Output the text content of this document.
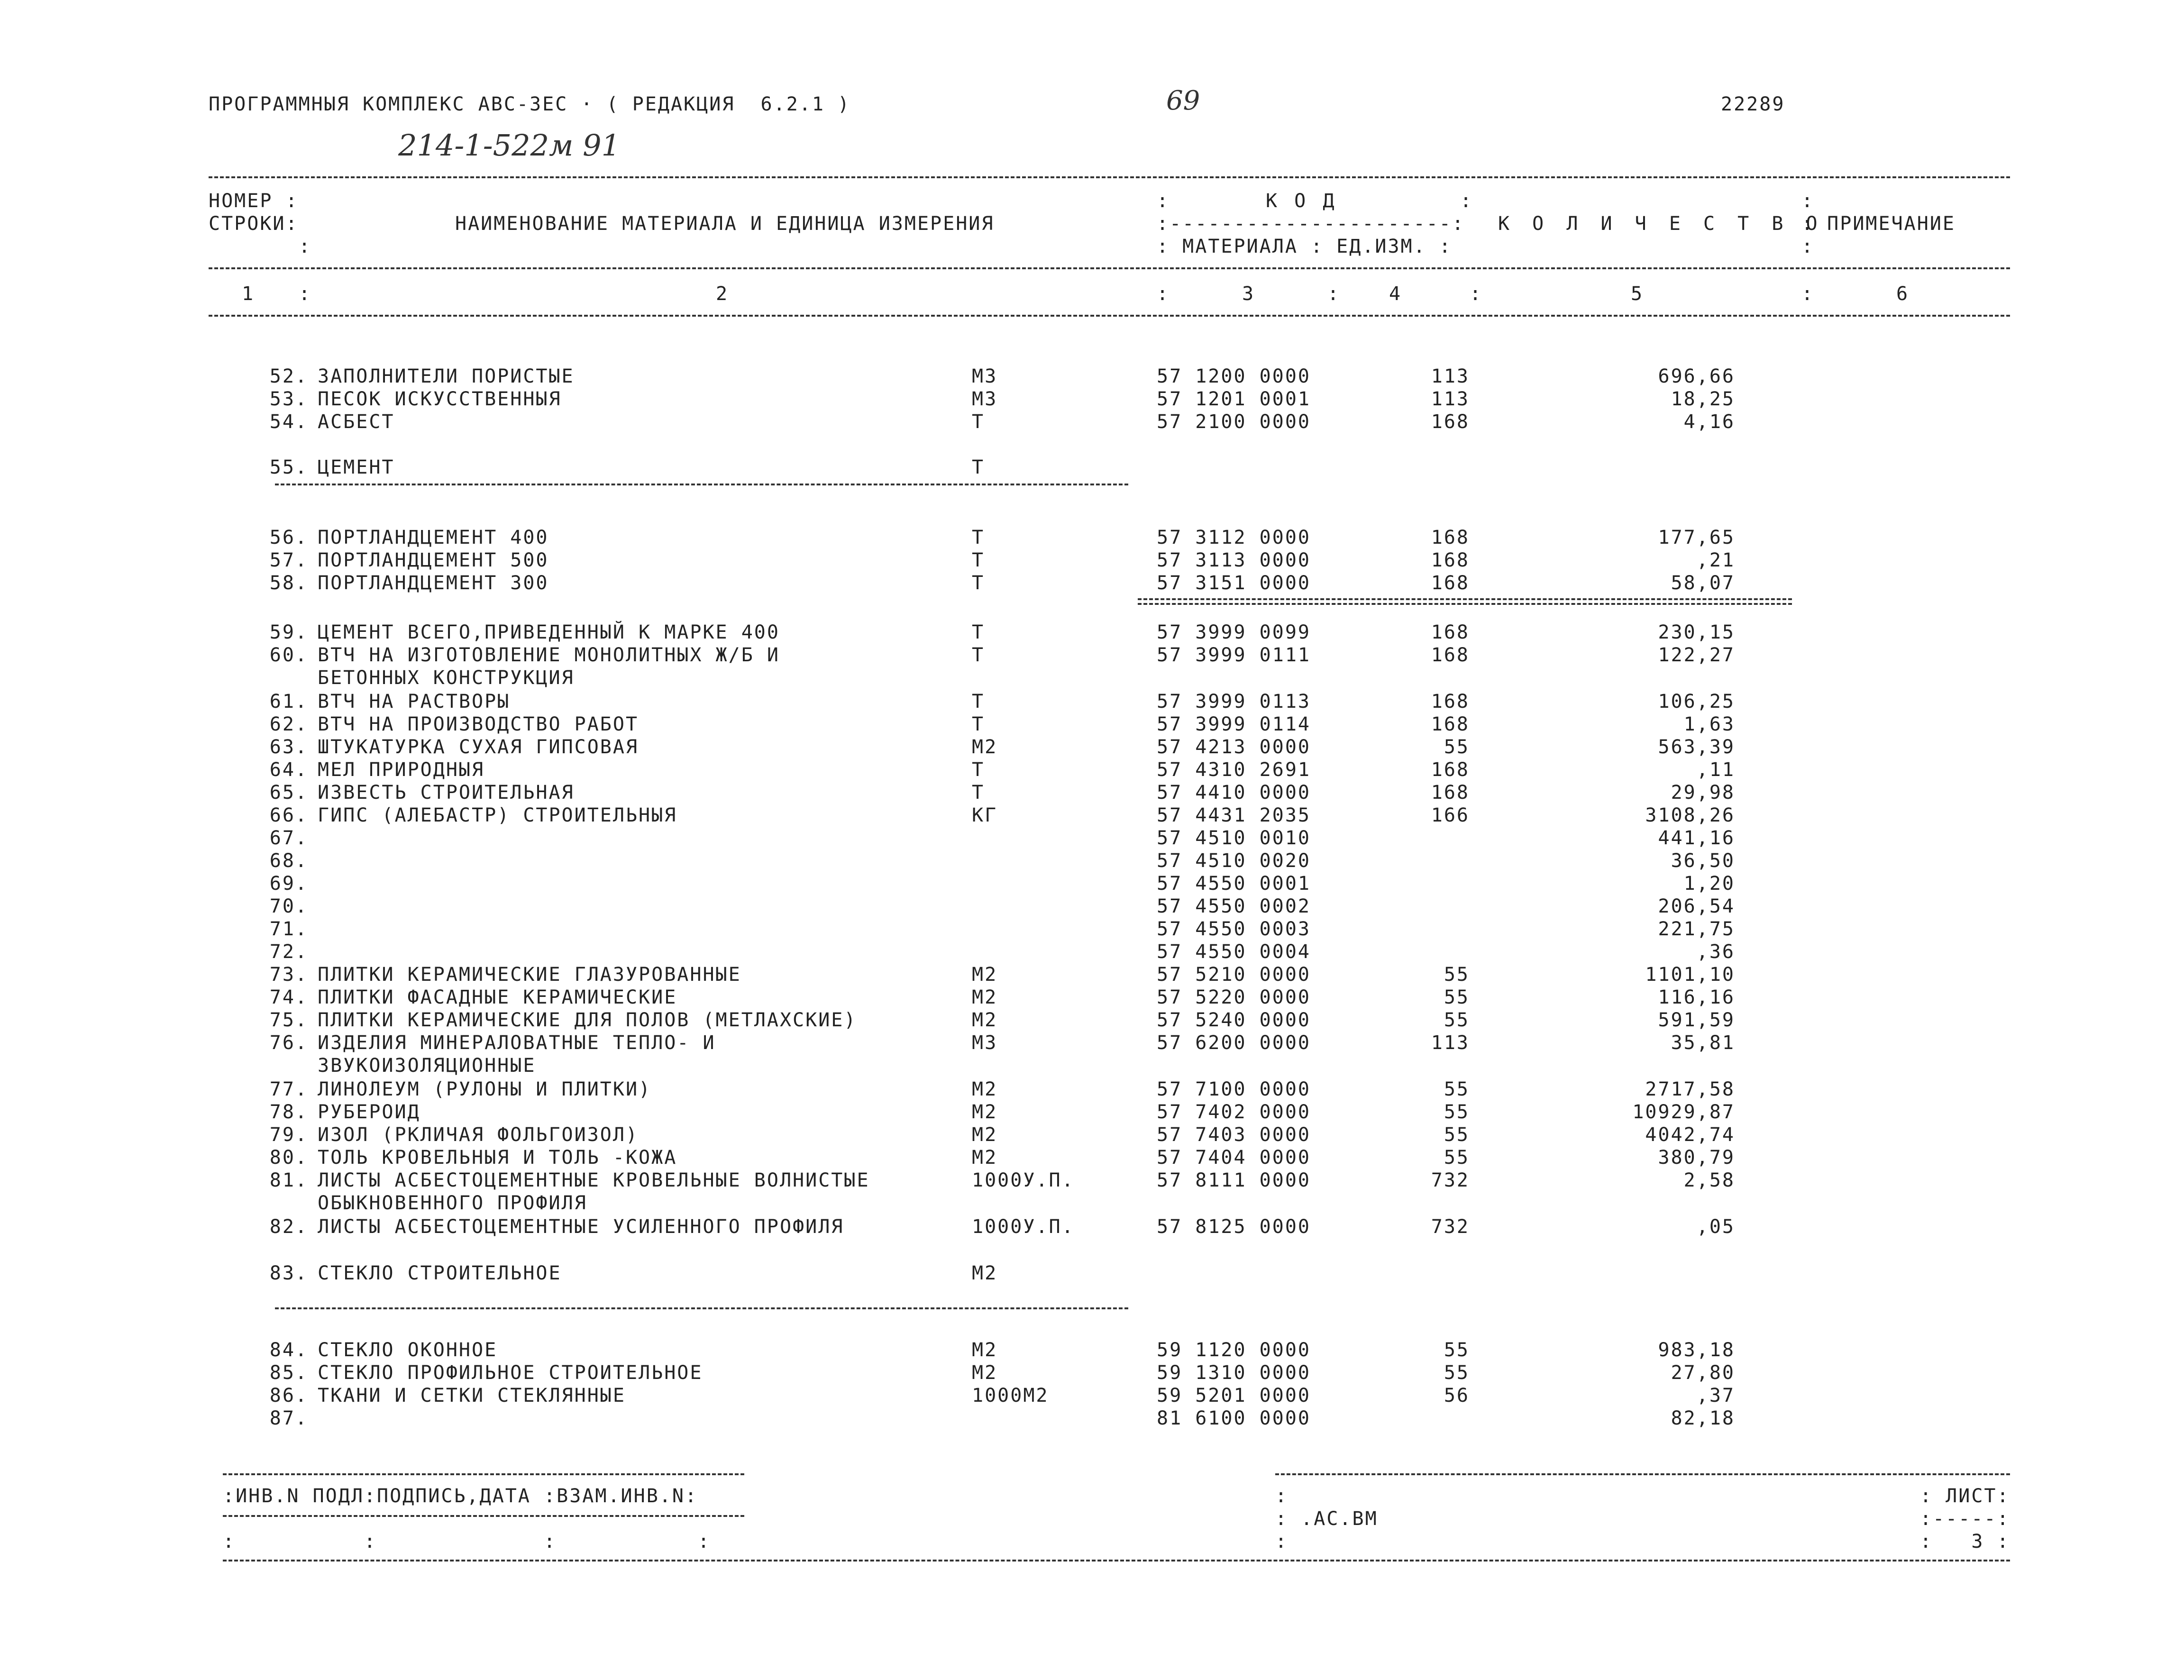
ПРОГРАММНЫЯ КОМПЛЕКС АВС-3ЕС · ( РЕДАКЦИЯ  6.2.1 )	69	22289
214-1-522м 91
НОМЕР :
СТРОКИ:
:
НАИМЕНОВАНИЕ МАТЕРИАЛА И ЕДИНИЦА ИЗМЕРЕНИЯ
:	К О Д	:
:----------------------:
: МАТЕРИАЛА : ЕД.ИЗМ. :
К О Л И Ч Е С Т В О
:
: ПРИМЕЧАНИЕ
:
1 :	2	:	3	:	4	:	5	:	6
52. ЗАПОЛНИТЕЛИ ПОРИСТЫЕ	М3	57 1200 0000	113	696,66
53. ПЕСОК ИСКУССТВЕННЫЯ	М3	57 1201 0001	113	18,25
54. АСБЕСТ	Т	57 2100 0000	168	4,16
55. ЦЕМЕНТ	Т
56. ПОРТЛАНДЦЕМЕНТ 400	Т	57 3112 0000	168	177,65
57. ПОРТЛАНДЦЕМЕНТ 500	Т	57 3113 0000	168	,21
58. ПОРТЛАНДЦЕМЕНТ 300	Т	57 3151 0000	168	58,07
59. ЦЕМЕНТ ВСЕГО,ПРИВЕДЕННЫЙ К МАРКЕ 400	Т	57 3999 0099	168	230,15
60. ВТЧ НА ИЗГОТОВЛЕНИЕ МОНОЛИТНЫХ Ж/Б И	Т	57 3999 0111	168	122,27
БЕТОННЫХ КОНСТРУКЦИЯ
61. ВТЧ НА РАСТВОРЫ	Т	57 3999 0113	168	106,25
62. ВТЧ НА ПРОИЗВОДСТВО РАБОТ	Т	57 3999 0114	168	1,63
63. ШТУКАТУРКА СУХАЯ ГИПСОВАЯ	М2	57 4213 0000	55	563,39
64. МЕЛ ПРИРОДНЫЯ	Т	57 4310 2691	168	,11
65. ИЗВЕСТЬ СТРОИТЕЛЬНАЯ	Т	57 4410 0000	168	29,98
66. ГИПС (АЛЕБАСТР) СТРОИТЕЛЬНЫЯ	КГ	57 4431 2035	166	3108,26
67.	57 4510 0010	441,16
68.	57 4510 0020	36,50
69.	57 4550 0001	1,20
70.	57 4550 0002	206,54
71.	57 4550 0003	221,75
72.	57 4550 0004	,36
73. ПЛИТКИ КЕРАМИЧЕСКИЕ ГЛАЗУРОВАННЫЕ	М2	57 5210 0000	55	1101,10
74. ПЛИТКИ ФАСАДНЫЕ КЕРАМИЧЕСКИЕ	М2	57 5220 0000	55	116,16
75. ПЛИТКИ КЕРАМИЧЕСКИЕ ДЛЯ ПОЛОВ (МЕТЛАХСКИЕ)	М2	57 5240 0000	55	591,59
76. ИЗДЕЛИЯ МИНЕРАЛОВАТНЫЕ ТЕПЛО- И	М3	57 6200 0000	113	35,81
ЗВУКОИЗОЛЯЦИОННЫЕ
77. ЛИНОЛЕУМ (РУЛОНЫ И ПЛИТКИ)	М2	57 7100 0000	55	2717,58
78. РУБЕРОИД	М2	57 7402 0000	55	10929,87
79. ИЗОЛ (РКЛИЧАЯ ФОЛЬГОИЗОЛ)	М2	57 7403 0000	55	4042,74
80. ТОЛЬ КРОВЕЛЬНЫЯ И ТОЛЬ -КОЖА	М2	57 7404 0000	55	380,79
81. ЛИСТЫ АСБЕСТОЦЕМЕНТНЫЕ КРОВЕЛЬНЫЕ ВОЛНИСТЫЕ	1000У.П.	57 8111 0000	732	2,58
ОБЫКНОВЕННОГО ПРОФИЛЯ
82. ЛИСТЫ АСБЕСТОЦЕМЕНТНЫЕ УСИЛЕННОГО ПРОФИЛЯ	1000У.П.	57 8125 0000	732	,05
83. СТЕКЛО СТРОИТЕЛЬНОЕ	М2
84. СТЕКЛО ОКОННОЕ	М2	59 1120 0000	55	983,18
85. СТЕКЛО ПРОФИЛЬНОЕ СТРОИТЕЛЬНОЕ	М2	59 1310 0000	55	27,80
86. ТКАНИ И СЕТКИ СТЕКЛЯННЫЕ	1000М2	59 5201 0000	56	,37
87.	81 6100 0000	82,18
:ИНВ.N ПОДЛ:ПОДПИСЬ,ДАТА :ВЗАМ.ИНВ.N:	:	: ЛИСТ:
: .АС.ВМ	:-----:
:          :             :           :	:	:   3 :
